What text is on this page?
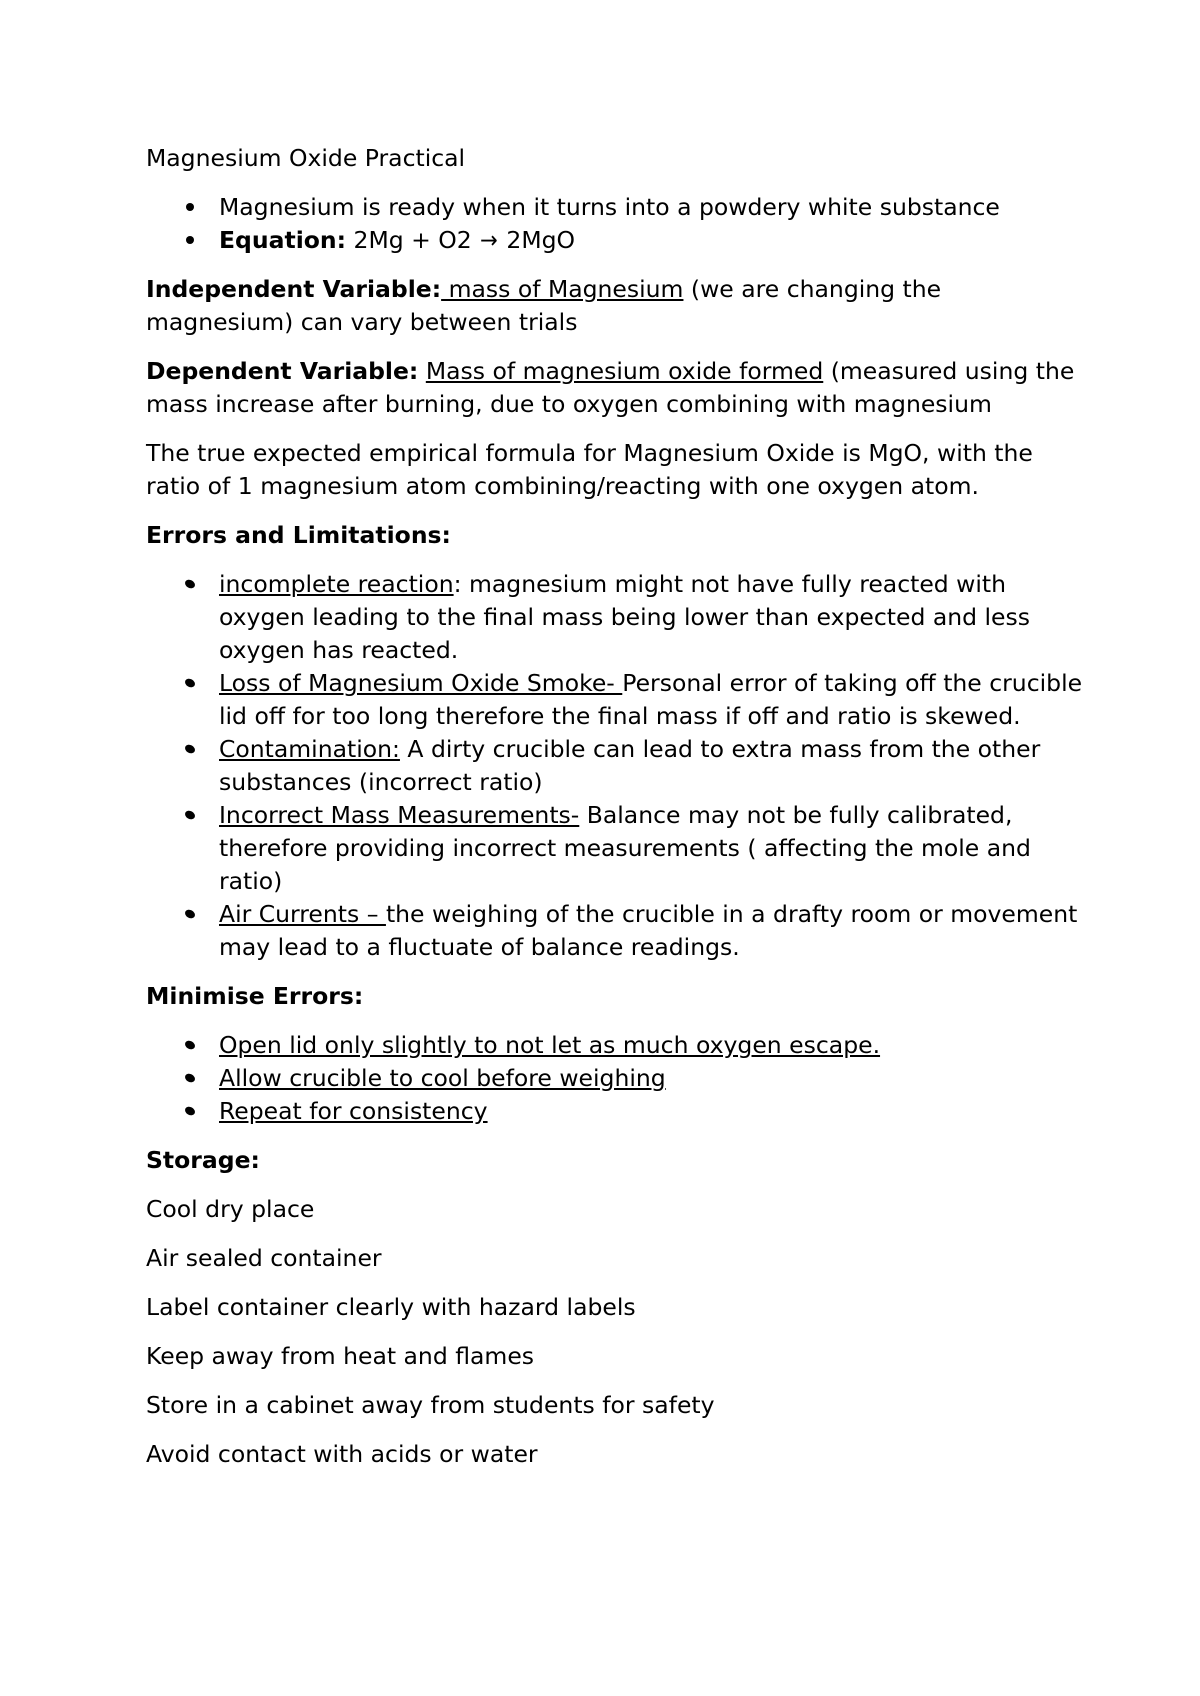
Magnesium Oxide Practical

Magnesium is ready when it turns into a powdery white substance
Equation: 2Mg + O2 → 2MgO

Independent Variable: mass of Magnesium (we are changing the magnesium) can vary between trials

Dependent Variable: Mass of magnesium oxide formed (measured using the mass increase after burning, due to oxygen combining with magnesium

The true expected empirical formula for Magnesium Oxide is MgO, with the ratio of 1 magnesium atom combining/reacting with one oxygen atom.

Errors and Limitations:

incomplete reaction: magnesium might not have fully reacted with oxygen leading to the final mass being lower than expected and less oxygen has reacted.
Loss of Magnesium Oxide Smoke- Personal error of taking off the crucible lid off for too long therefore the final mass if off and ratio is skewed.
Contamination: A dirty crucible can lead to extra mass from the other substances (incorrect ratio)
Incorrect Mass Measurements- Balance may not be fully calibrated, therefore providing incorrect measurements ( affecting the mole and ratio)
Air Currents – the weighing of the crucible in a drafty room or movement may lead to a fluctuate of balance readings.

Minimise Errors:

Open lid only slightly to not let as much oxygen escape.
Allow crucible to cool before weighing
Repeat for consistency

Storage:

Cool dry place

Air sealed container

Label container clearly with hazard labels

Keep away from heat and flames

Store in a cabinet away from students for safety

Avoid contact with acids or water
